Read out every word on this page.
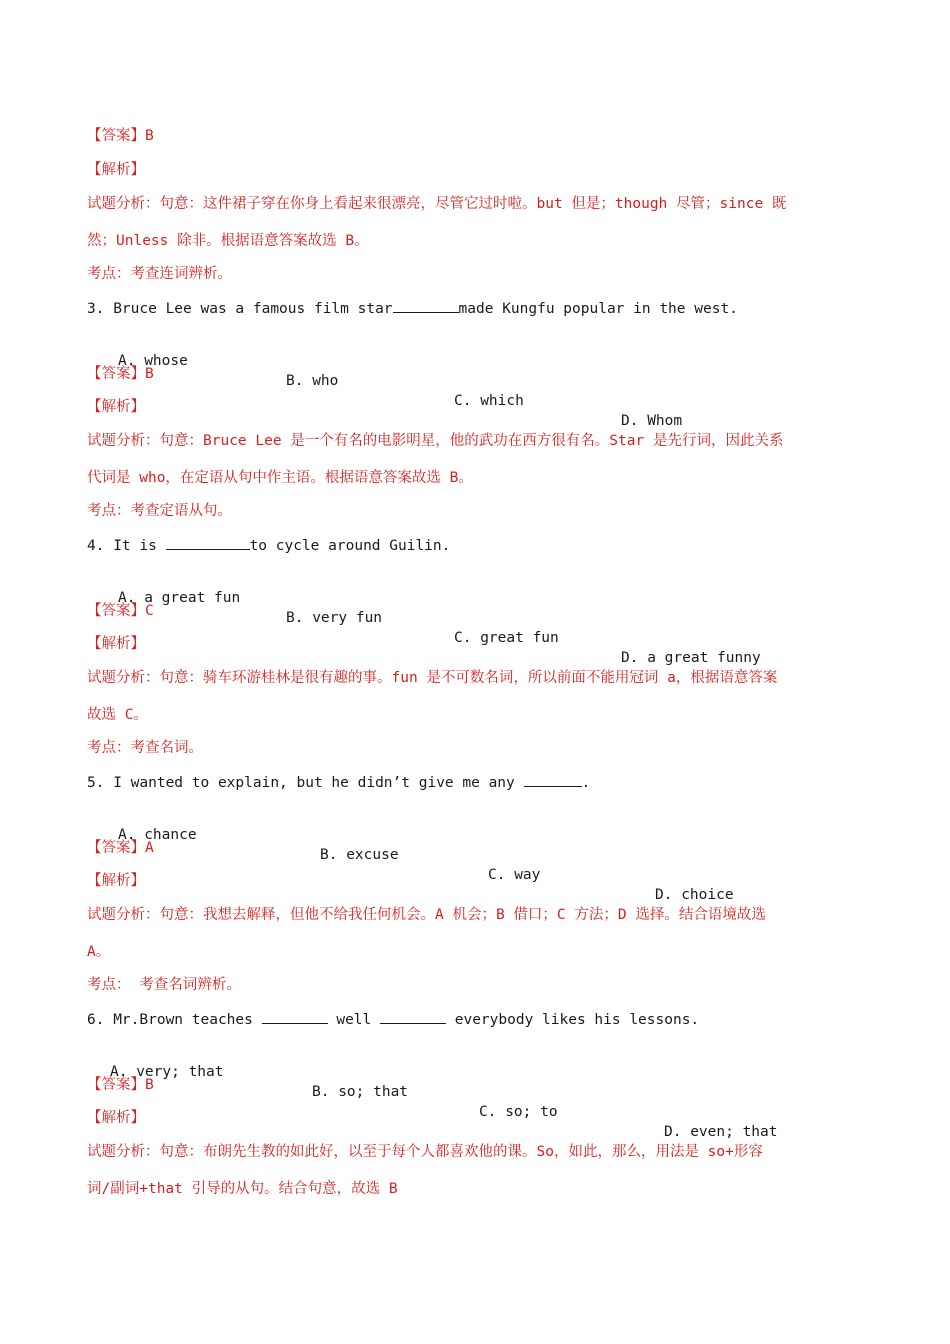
【答案】B
【解析】
试题分析：句意：这件裙子穿在你身上看起来很漂亮，尽管它过时啦。but 但是；though 尽管；since 既
然；Unless 除非。根据语意答案故选 B。
考点：考查连词辨析。
3. Bruce Lee was a famous film star	made Kungfu popular in the west.

A. whose

B. who

C. which

D. Whom

【答案】B
【解析】
试题分析：句意：Bruce Lee 是一个有名的电影明星，他的武功在西方很有名。Star 是先行词，因此关系
代词是 who，在定语从句中作主语。根据语意答案故选 B。
考点：考查定语从句。
4. It is	to cycle around Guilin.

A. a great fun

B. very fun

C. great fun

D. a great funny

【答案】C
【解析】
试题分析：句意：骑车环游桂林是很有趣的事。fun 是不可数名词，所以前面不能用冠词 a，根据语意答案
故选 C。
考点：考查名词。
5. I wanted to explain, but he didn’t give me any	.

A. chance

B. excuse

C. way

D. choice

【答案】A
【解析】
试题分析：句意：我想去解释，但他不给我任何机会。A 机会；B 借口；C 方法；D 选择。结合语境故选
A。
考点： 考查名词辨析。
6. Mr.Brown teaches	well	everybody likes his lessons.

A. very; that

B. so; that

C. so; to

D. even; that

【答案】B
【解析】
试题分析：句意：布朗先生教的如此好，以至于每个人都喜欢他的课。So，如此，那么，用法是 so+形容
词/副词+that 引导的从句。结合句意，故选 B
